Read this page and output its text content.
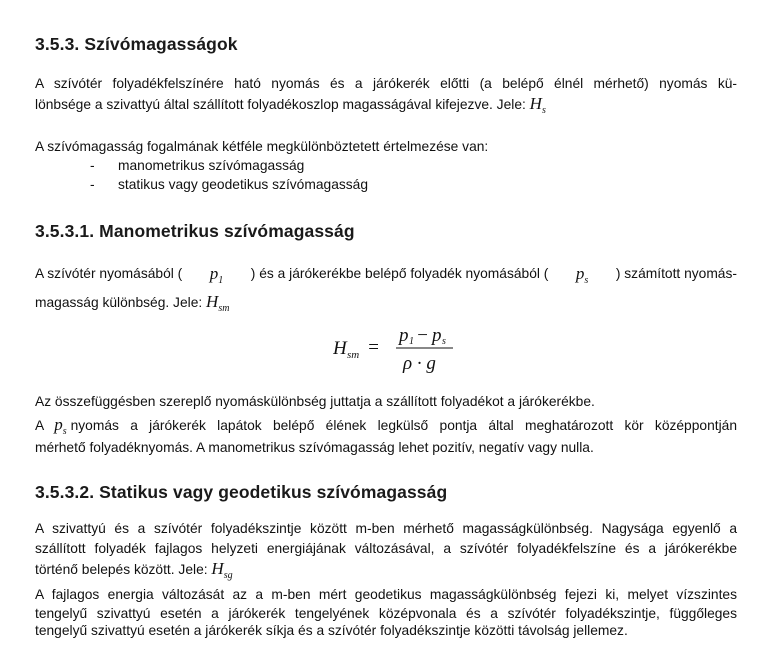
3.5.3. Szívómagasságok
A szívótér folyadékfelszínére ható nyomás és a járókerék előtti (a belépő élnél mérhető) nyomás kü-
lönbsége a szivattyú által szállított folyadékoszlop magasságával kifejezve. Jele: $H_s$
A szívómagasság fogalmának kétféle megkülönböztetett értelmezése van:
- manometrikus szívómagasság
- statikus vagy geodetikus szívómagasság
3.5.3.1. Manometrikus szívómagasság
A szívótér nyomásából ( $p_1$ ) és a járókerékbe belépő folyadék nyomásából ( $p_s$ ) számított nyomás-
magasság különbség. Jele: $H_{sm}$
H sm =
p 1 − p s
ρ · g
Az összefüggésben szereplő nyomáskülönbség juttatja a szállított folyadékot a járókerékbe.
A $p_s$ nyomás a járókerék lapátok belépő élének legkülső pontja által meghatározott kör középpontján
mérhető folyadéknyomás. A manometrikus szívómagasság lehet pozitív, negatív vagy nulla.
3.5.3.2. Statikus vagy geodetikus szívómagasság
A szivattyú és a szívótér folyadékszintje között m-ben mérhető magasságkülönbség. Nagysága egyenlő a
szállított folyadék fajlagos helyzeti energiájának változásával, a szívótér folyadékfelszíne és a járókerékbe
történő belepés között. Jele: $H_{sg}$
A fajlagos energia változását az a m-ben mért geodetikus magasságkülönbség fejezi ki, melyet vízszintes
tengelyű szivattyú esetén a járókerék tengelyének középvonala és a szívótér folyadékszintje, függőleges
tengelyű szivattyú esetén a járókerék síkja és a szívótér folyadékszintje közötti távolság jellemez.
